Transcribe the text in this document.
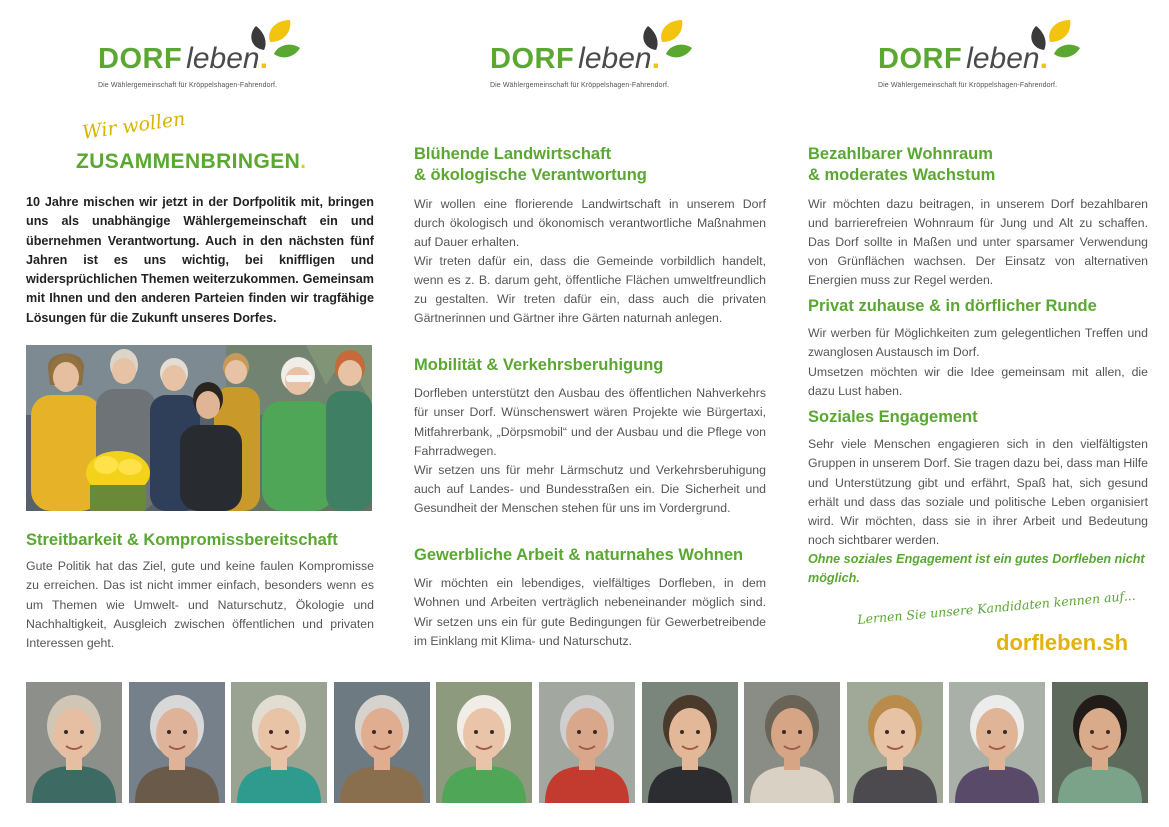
DORF leben.
Die Wählergemeinschaft für Kröppelshagen-Fahrendorf.
Wir wollen
ZUSAMMENBRINGEN.
10 Jahre mischen wir jetzt in der Dorfpolitik mit, bringen uns als unabhängige Wählergemeinschaft ein und übernehmen Verantwortung. Auch in den nächsten fünf Jahren ist es uns wichtig, bei kniffligen und widersprüchlichen Themen weiterzukommen. Gemeinsam mit Ihnen und den anderen Parteien finden wir tragfähige Lösungen für die Zukunft unseres Dorfes.
Streitbarkeit & Kompromissbereitschaft
Gute Politik hat das Ziel, gute und keine faulen Kompromisse zu erreichen. Das ist nicht immer einfach, besonders wenn es um Themen wie Umwelt- und Naturschutz, Ökologie und Nachhaltigkeit, Ausgleich zwischen öffentlichen und privaten Interessen geht.
DORF leben.
Die Wählergemeinschaft für Kröppelshagen-Fahrendorf.
Blühende Landwirtschaft
& ökologische Verantwortung
Wir wollen eine florierende Landwirtschaft in unserem Dorf durch ökologisch und ökonomisch verantwortliche Maßnahmen auf Dauer erhalten.
Wir treten dafür ein, dass die Gemeinde vorbildlich handelt, wenn es z. B. darum geht, öffentliche Flächen umweltfreundlich zu gestalten. Wir treten dafür ein, dass auch die privaten Gärtnerinnen und Gärtner ihre Gärten naturnah anlegen.
Mobilität & Verkehrsberuhigung
Dorfleben unterstützt den Ausbau des öffentlichen Nahverkehrs für unser Dorf. Wünschenswert wären Projekte wie Bürgertaxi, Mitfahrerbank, „Dörpsmobil“ und der Ausbau und die Pflege von Fahrradwegen.
Wir setzen uns für mehr Lärmschutz und Verkehrsberuhigung auch auf Landes- und Bundesstraßen ein. Die Sicherheit und Gesundheit der Menschen stehen für uns im Vordergrund.
Gewerbliche Arbeit & naturnahes Wohnen
Wir möchten ein lebendiges, vielfältiges Dorfleben, in dem Wohnen und Arbeiten verträglich nebeneinander möglich sind. Wir setzen uns ein für gute Bedingungen für Gewerbetreibende im Einklang mit Klima- und Naturschutz.
DORF leben.
Die Wählergemeinschaft für Kröppelshagen-Fahrendorf.
Bezahlbarer Wohnraum
& moderates Wachstum
Wir möchten dazu beitragen, in unserem Dorf bezahlbaren und barrierefreien Wohnraum für Jung und Alt zu schaffen. Das Dorf sollte in Maßen und unter sparsamer Verwendung von Grünflächen wachsen. Der Einsatz von alternativen Energien muss zur Regel werden.
Privat zuhause & in dörflicher Runde
Wir werben für Möglichkeiten zum gelegentlichen Treffen und zwanglosen Austausch im Dorf.
Umsetzen möchten wir die Idee gemeinsam mit allen, die dazu Lust haben.
Soziales Engagement
Sehr viele Menschen engagieren sich in den vielfältigsten Gruppen in unserem Dorf. Sie tragen dazu bei, dass man Hilfe und Unterstützung gibt und erfährt, Spaß hat, sich gesund erhält und dass das soziale und politische Leben organisiert wird. Wir möchten, dass sie in ihrer Arbeit und Bedeutung noch sichtbarer werden.
Ohne soziales Engagement ist ein gutes Dorfleben nicht möglich.
Lernen Sie unsere Kandidaten kennen auf...
dorfleben.sh
